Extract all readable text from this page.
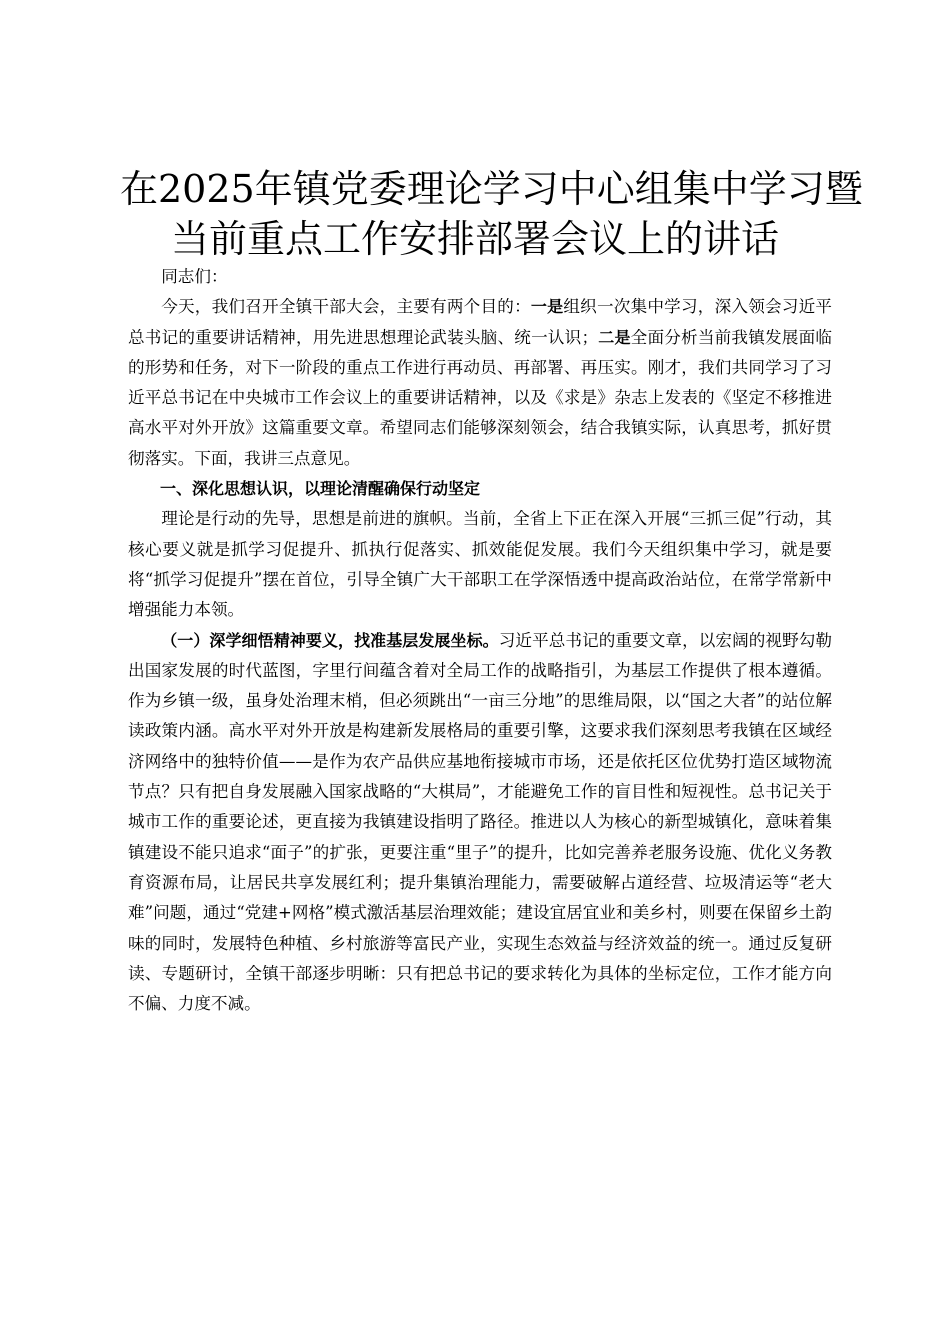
在2025年镇党委理论学习中心组集中学习暨
当前重点工作安排部署会议上的讲话

同志们：

今天，我们召开全镇干部大会，主要有两个目的：一是组织一次集中学习，深入领会习近平总书记的重要讲话精神，用先进思想理论武装头脑、统一认识；二是全面分析当前我镇发展面临的形势和任务，对下一阶段的重点工作进行再动员、再部署、再压实。刚才，我们共同学习了习近平总书记在中央城市工作会议上的重要讲话精神，以及《求是》杂志上发表的《坚定不移推进高水平对外开放》这篇重要文章。希望同志们能够深刻领会，结合我镇实际，认真思考，抓好贯彻落实。下面，我讲三点意见。

一、深化思想认识，以理论清醒确保行动坚定

理论是行动的先导，思想是前进的旗帜。当前，全省上下正在深入开展“三抓三促”行动，其核心要义就是抓学习促提升、抓执行促落实、抓效能促发展。我们今天组织集中学习，就是要将“抓学习促提升”摆在首位，引导全镇广大干部职工在学深悟透中提高政治站位，在常学常新中增强能力本领。

（一）深学细悟精神要义，找准基层发展坐标。习近平总书记的重要文章，以宏阔的视野勾勒出国家发展的时代蓝图，字里行间蕴含着对全局工作的战略指引，为基层工作提供了根本遵循。作为乡镇一级，虽身处治理末梢，但必须跳出“一亩三分地”的思维局限，以“国之大者”的站位解读政策内涵。高水平对外开放是构建新发展格局的重要引擎，这要求我们深刻思考我镇在区域经济网络中的独特价值——是作为农产品供应基地衔接城市市场，还是依托区位优势打造区域物流节点？只有把自身发展融入国家战略的“大棋局”，才能避免工作的盲目性和短视性。总书记关于城市工作的重要论述，更直接为我镇建设指明了路径。推进以人为核心的新型城镇化，意味着集镇建设不能只追求“面子”的扩张，更要注重“里子”的提升，比如完善养老服务设施、优化义务教育资源布局，让居民共享发展红利；提升集镇治理能力，需要破解占道经营、垃圾清运等“老大难”问题，通过“党建+网格”模式激活基层治理效能；建设宜居宜业和美乡村，则要在保留乡土韵味的同时，发展特色种植、乡村旅游等富民产业，实现生态效益与经济效益的统一。通过反复研读、专题研讨，全镇干部逐步明晰：只有把总书记的要求转化为具体的坐标定位，工作才能方向不偏、力度不减。
